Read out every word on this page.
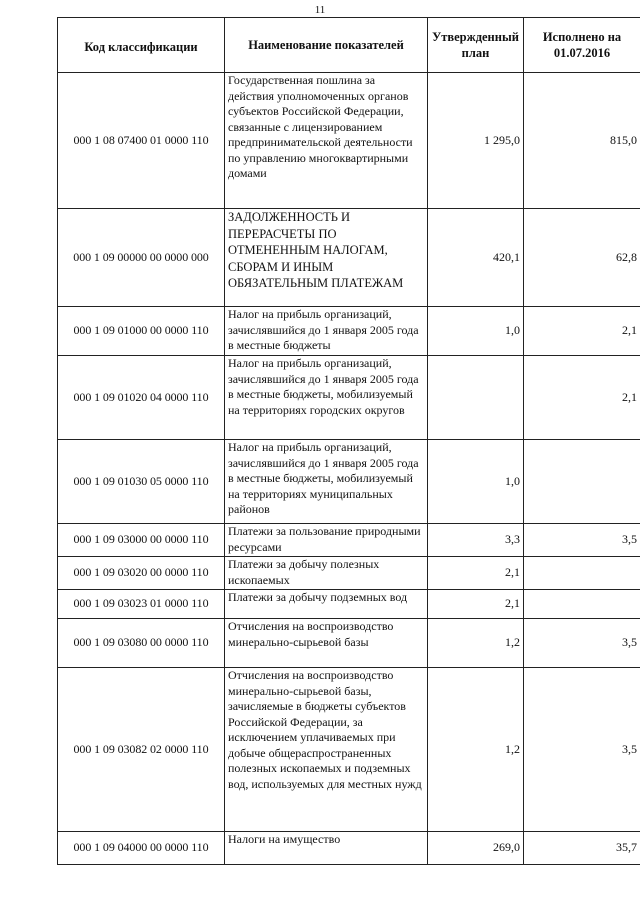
11
Код классификации	Наименование показателей	Утвержденный план	Исполнено на 01.07.2016
000 1 08 07400 01 0000 110	Государственная пошлина за действия уполномоченных органов субъектов Российской Федерации, связанные с лицензированием предпринимательской деятельности по управлению многоквартирными домами	1 295,0	815,0
000 1 09 00000 00 0000 000	ЗАДОЛЖЕННОСТЬ И ПЕРЕРАСЧЕТЫ ПО ОТМЕНЕННЫМ НАЛОГАМ, СБОРАМ И ИНЫМ ОБЯЗАТЕЛЬНЫМ ПЛАТЕЖАМ	420,1	62,8
000 1 09 01000 00 0000 110	Налог на прибыль организаций, зачислявшийся до 1 января 2005 года в местные бюджеты	1,0	2,1
000 1 09 01020 04 0000 110	Налог на прибыль организаций, зачислявшийся до 1 января 2005 года в местные бюджеты, мобилизуемый на территориях городских округов		2,1
000 1 09 01030 05 0000 110	Налог на прибыль организаций, зачислявшийся до 1 января 2005 года в местные бюджеты, мобилизуемый на территориях муниципальных районов	1,0	
000 1 09 03000 00 0000 110	Платежи за пользование природными ресурсами	3,3	3,5
000 1 09 03020 00 0000 110	Платежи за добычу полезных ископаемых	2,1	
000 1 09 03023 01 0000 110	Платежи за добычу подземных вод	2,1	
000 1 09 03080 00 0000 110	Отчисления на воспроизводство минерально-сырьевой базы	1,2	3,5
000 1 09 03082 02 0000 110	Отчисления на воспроизводство минерально-сырьевой базы, зачисляемые в бюджеты субъектов Российской Федерации, за исключением уплачиваемых при добыче общераспространенных полезных ископаемых и подземных вод, используемых для местных нужд	1,2	3,5
000 1 09 04000 00 0000 110	Налоги на имущество	269,0	35,7
